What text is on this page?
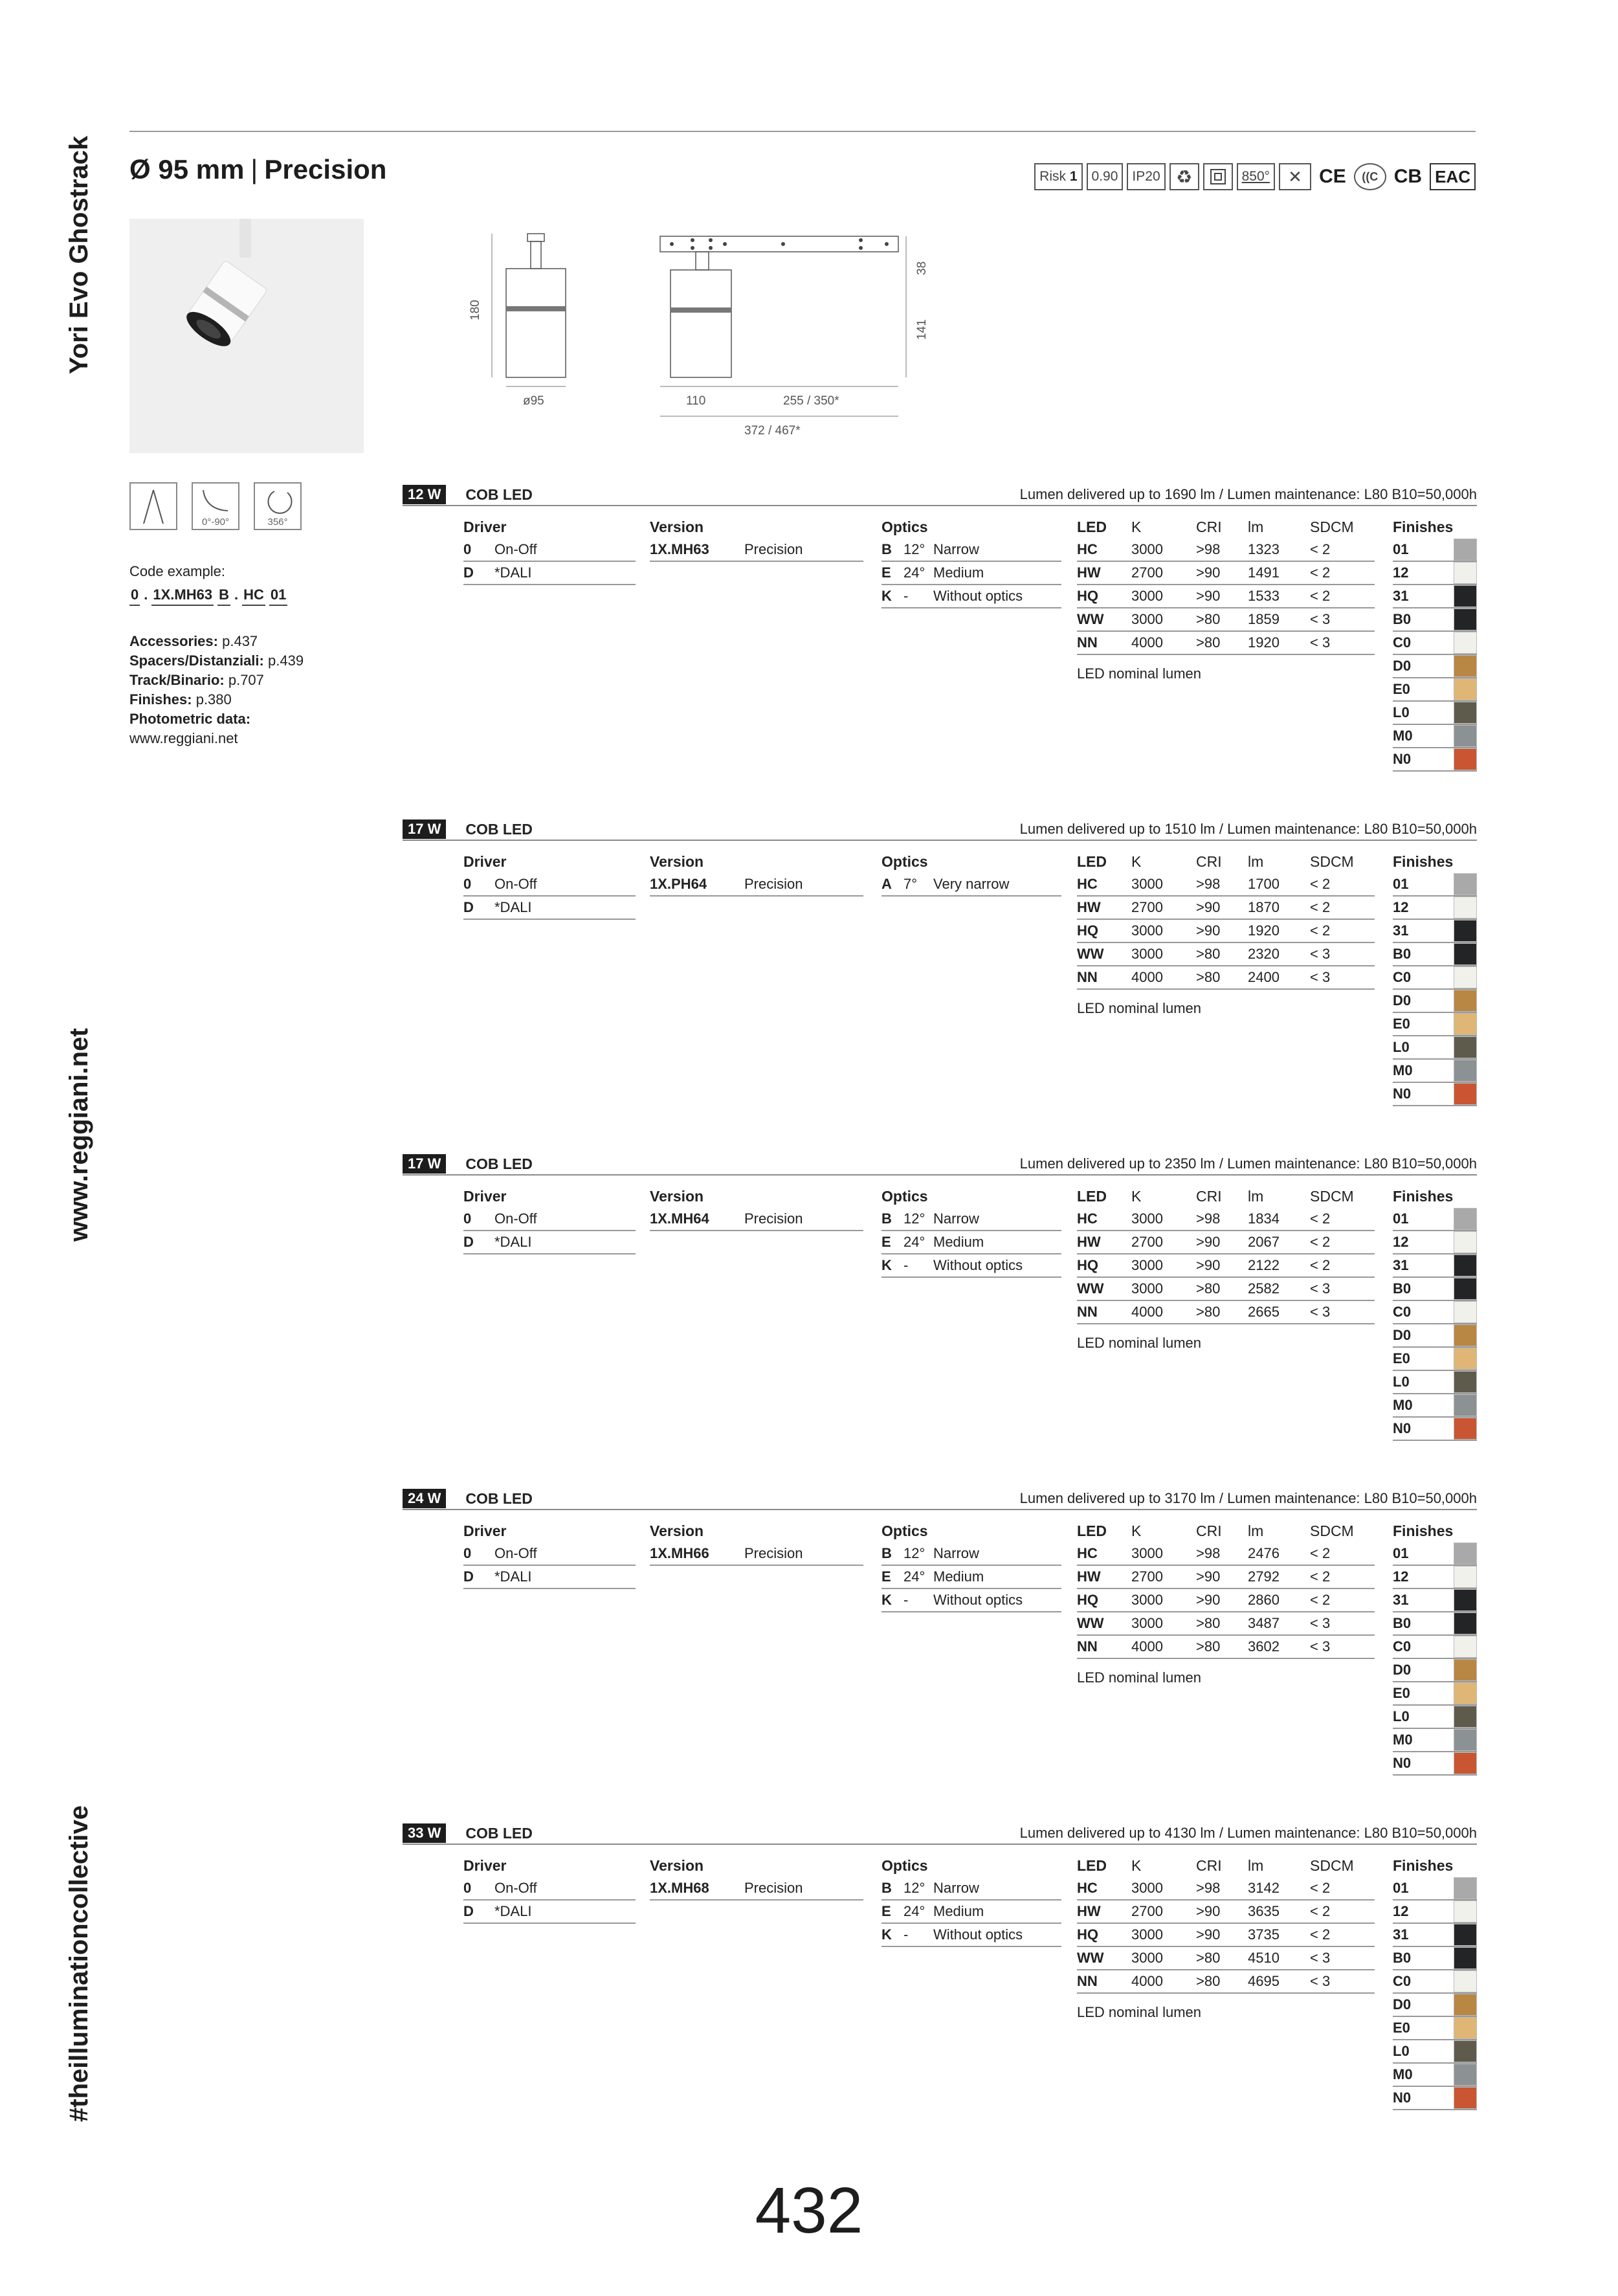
Yori Evo Ghostrack
www.reggiani.net
#theilluminationcollective
Ø 95 mm | Precision	Risk
1 0.90 IP20 ♻	850°	✕ CE	((C CB EAC
180
ø95
38
141
110	255 / 350*
372 / 467*
0°-90°	356°
Code example:
0 . 1X.MH63 B . HC 01
Accessories: p.437
Spacers/Distanziali: p.439
Track/Binario: p.707
Finishes: p.380
Photometric data:
www.reggiani.net
12 W	COB LED	Lumen delivered up to 1690 lm / Lumen maintenance: L80 B10=50,000h
Driver
0	On-Off
D	*DALI
Version
1X.MH63	Precision
Optics
B 12° Narrow
E 24° Medium
K -	Without optics
LED	K	CRI	lm	SDCM
HC	3000	>98	1323	< 2
HW	2700	>90	1491	< 2
HQ	3000	>90	1533	< 2
WW	3000	>80	1859	< 3
NN	4000	>80	1920	< 3
LED nominal lumen
Finishes
01
12
31
B0
C0
D0
E0
L0
M0
N0
17 W	COB LED	Lumen delivered up to 1510 lm / Lumen maintenance: L80 B10=50,000h
Driver
0	On-Off
D	*DALI
Version
1X.PH64	Precision
Optics
A 7°	Very narrow
LED	K	CRI	lm	SDCM
HC	3000	>98	1700	< 2
HW	2700	>90	1870	< 2
HQ	3000	>90	1920	< 2
WW	3000	>80	2320	< 3
NN	4000	>80	2400	< 3
LED nominal lumen
Finishes
01
12
31
B0
C0
D0
E0
L0
M0
N0
17 W	COB LED	Lumen delivered up to 2350 lm / Lumen maintenance: L80 B10=50,000h
Driver
0	On-Off
D	*DALI
Version
1X.MH64	Precision
Optics
B 12° Narrow
E 24° Medium
K -	Without optics
LED	K	CRI	lm	SDCM
HC	3000	>98	1834	< 2
HW	2700	>90	2067	< 2
HQ	3000	>90	2122	< 2
WW	3000	>80	2582	< 3
NN	4000	>80	2665	< 3
LED nominal lumen
Finishes
01
12
31
B0
C0
D0
E0
L0
M0
N0
24 W	COB LED	Lumen delivered up to 3170 lm / Lumen maintenance: L80 B10=50,000h
Driver
0	On-Off
D	*DALI
Version
1X.MH66	Precision
Optics
B 12° Narrow
E 24° Medium
K -	Without optics
LED	K	CRI	lm	SDCM
HC	3000	>98	2476	< 2
HW	2700	>90	2792	< 2
HQ	3000	>90	2860	< 2
WW	3000	>80	3487	< 3
NN	4000	>80	3602	< 3
LED nominal lumen
Finishes
01
12
31
B0
C0
D0
E0
L0
M0
N0
33 W	COB LED	Lumen delivered up to 4130 lm / Lumen maintenance: L80 B10=50,000h
Driver
0	On-Off
D	*DALI
Version
1X.MH68	Precision
Optics
B 12° Narrow
E 24° Medium
K -	Without optics
LED	K	CRI	lm	SDCM
HC	3000	>98	3142	< 2
HW	2700	>90	3635	< 2
HQ	3000	>90	3735	< 2
WW	3000	>80	4510	< 3
NN	4000	>80	4695	< 3
LED nominal lumen
Finishes
01
12
31
B0
C0
D0
E0
L0
M0
N0
432
